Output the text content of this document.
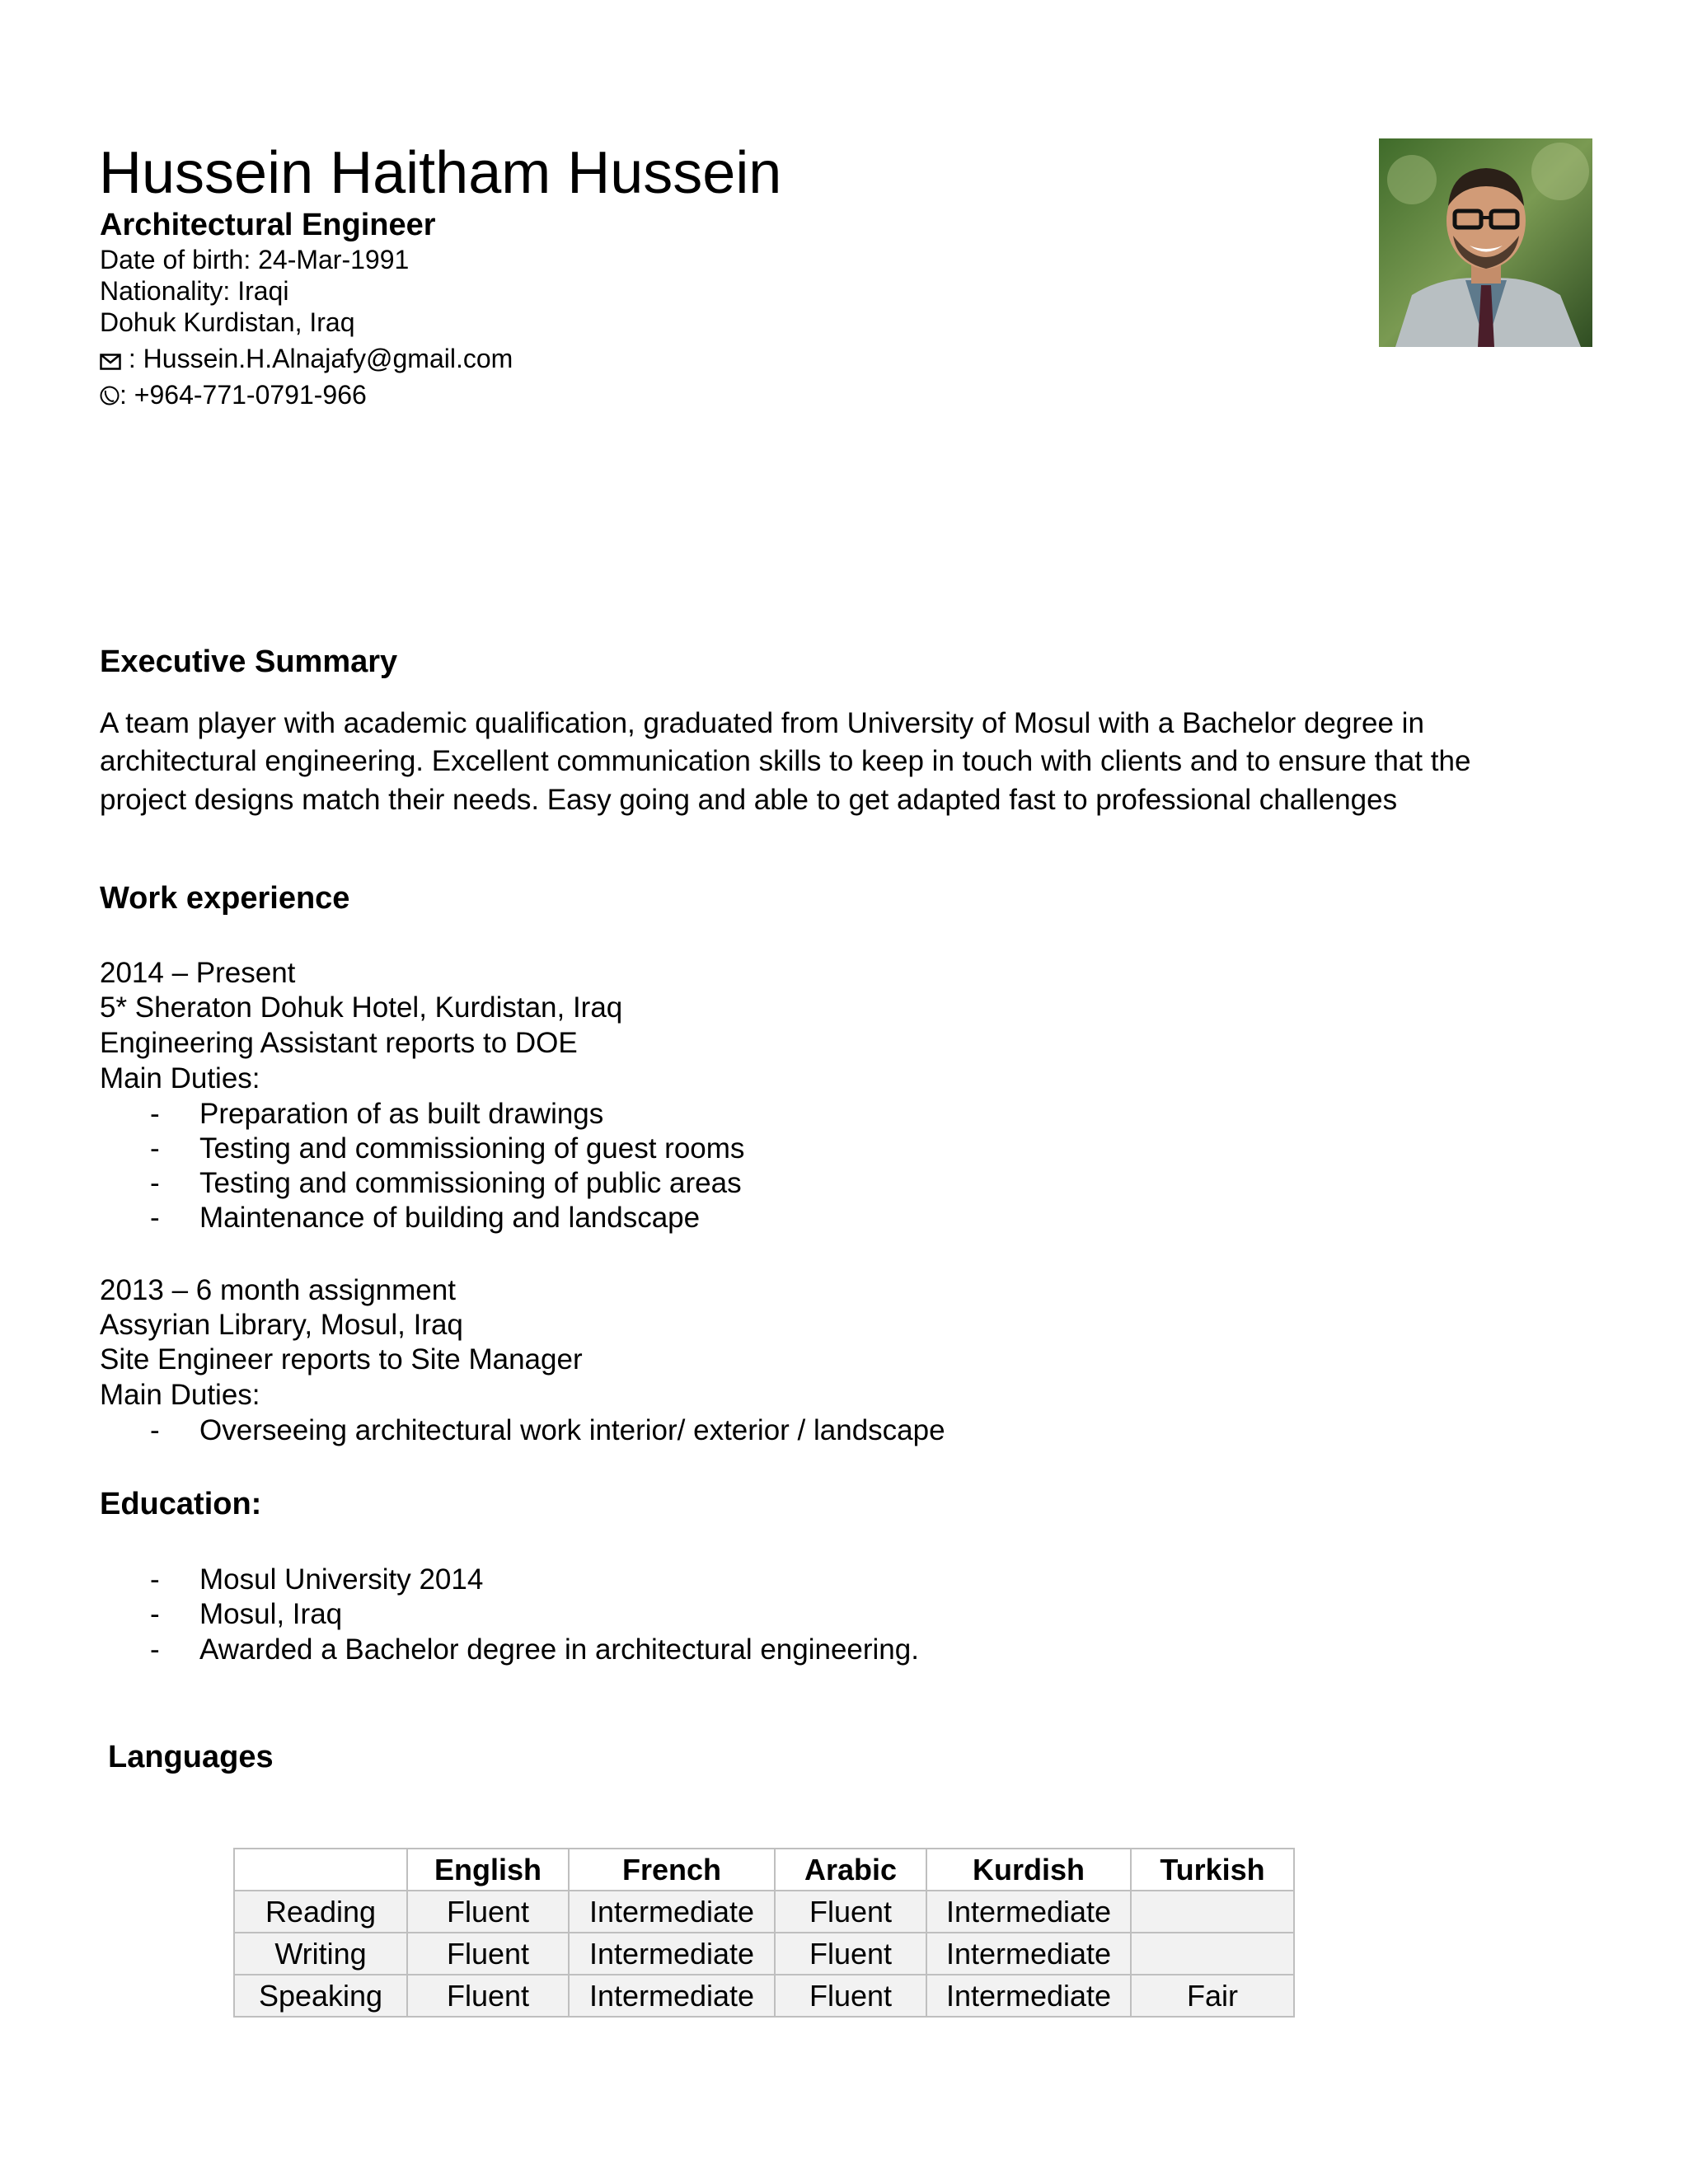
Hussein Haitham Hussein
Architectural Engineer
Date of birth: 24-Mar-1991
Nationality: Iraqi
Dohuk Kurdistan, Iraq
: Hussein.H.Alnajafy@gmail.com
: +964-771-0791-966
Executive Summary
A team player with academic qualification, graduated from University of Mosul with a Bachelor degree in
architectural engineering. Excellent communication skills to keep in touch with clients and to ensure that the
project designs match their needs. Easy going and able to get adapted fast to professional challenges
Work experience
2014 – Present
5* Sheraton Dohuk Hotel, Kurdistan, Iraq
Engineering Assistant reports to DOE
Main Duties:
- Preparation of as built drawings
- Testing and commissioning of guest rooms
- Testing and commissioning of public areas
- Maintenance of building and landscape
2013 – 6 month assignment
Assyrian Library, Mosul, Iraq
Site Engineer reports to Site Manager
Main Duties:
- Overseeing architectural work interior/ exterior / landscape
Education:
- Mosul University 2014
- Mosul, Iraq
- Awarded a Bachelor degree in architectural engineering.
Languages
	English	French	Arabic	Kurdish	Turkish
Reading	Fluent	Intermediate	Fluent	Intermediate	
Writing	Fluent	Intermediate	Fluent	Intermediate	
Speaking	Fluent	Intermediate	Fluent	Intermediate	Fair
